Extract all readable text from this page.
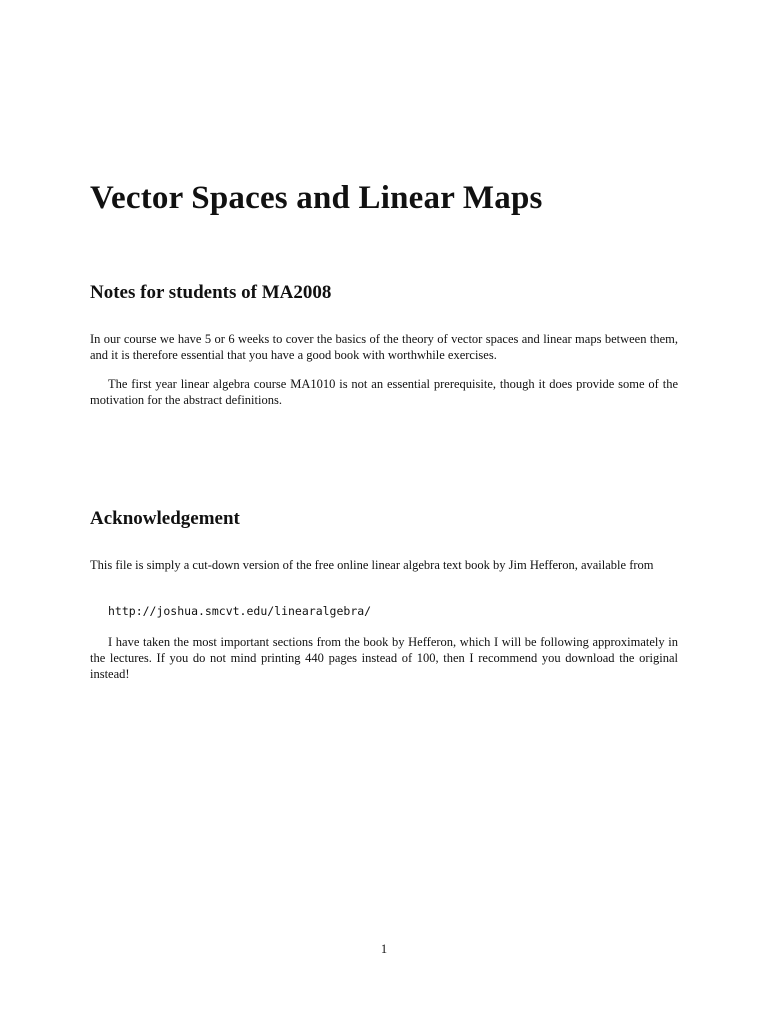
Vector Spaces and Linear Maps
Notes for students of MA2008

In our course we have 5 or 6 weeks to cover the basics of the theory of vector spaces and linear maps between them, and it is therefore essential that you have a good book with worthwhile exercises.

The first year linear algebra course MA1010 is not an essential prerequisite, though it does provide some of the motivation for the abstract definitions.

Acknowledgement

This file is simply a cut-down version of the free online linear algebra text book by Jim Hefferon, available from

http://joshua.smcvt.edu/linearalgebra/

I have taken the most important sections from the book by Hefferon, which I will be following approximately in the lectures. If you do not mind printing 440 pages instead of 100, then I recommend you download the original instead!

1
